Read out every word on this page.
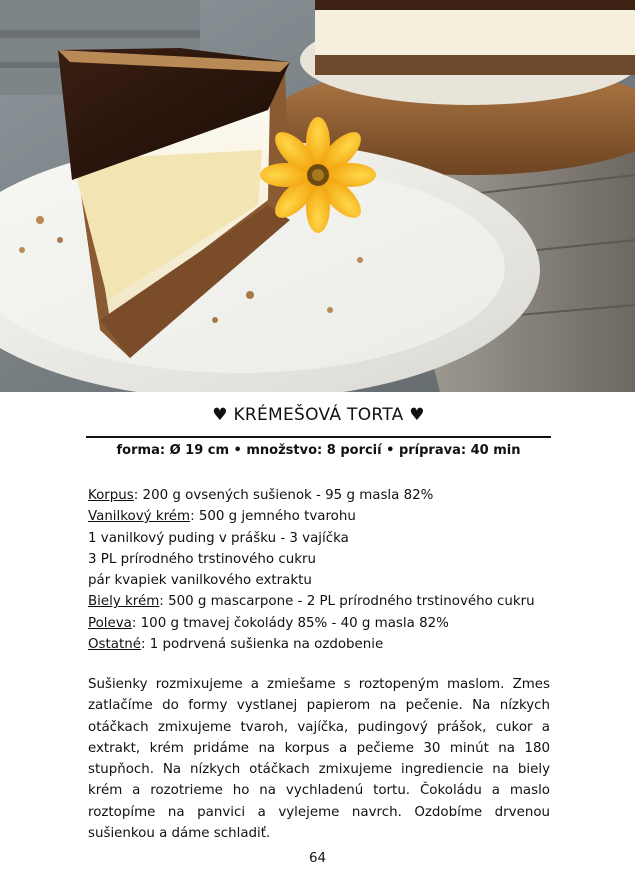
♥ KRÉMEŠOVÁ TORTA ♥
forma: Ø 19 cm • množstvo: 8 porcií • príprava: 40 min
Korpus: 200 g ovsených sušienok - 95 g masla 82%
Vanilkový krém: 500 g jemného tvarohu
1 vanilkový puding v prášku - 3 vajíčka
3 PL prírodného trstinového cukru
pár kvapiek vanilkového extraktu
Biely krém: 500 g mascarpone - 2 PL prírodného trstinového cukru
Poleva: 100 g tmavej čokolády 85% - 40 g masla 82%
Ostatné: 1 podrvená sušienka na ozdobenie
Sušienky rozmixujeme a zmiešame s roztopeným maslom. Zmes zatlačíme do formy vystlanej papierom na pečenie. Na nízkych otáčkach zmixujeme tvaroh, vajíčka, pudingový prášok, cukor a extrakt, krém pridáme na korpus a pečieme 30 minút na 180 stupňoch. Na nízkych otáčkach zmixujeme ingrediencie na biely krém a rozotrieme ho na vychladenú tortu. Čokoládu a maslo roztopíme na panvici a vylejeme navrch. Ozdobíme drvenou sušienkou a dáme schladiť.
64
